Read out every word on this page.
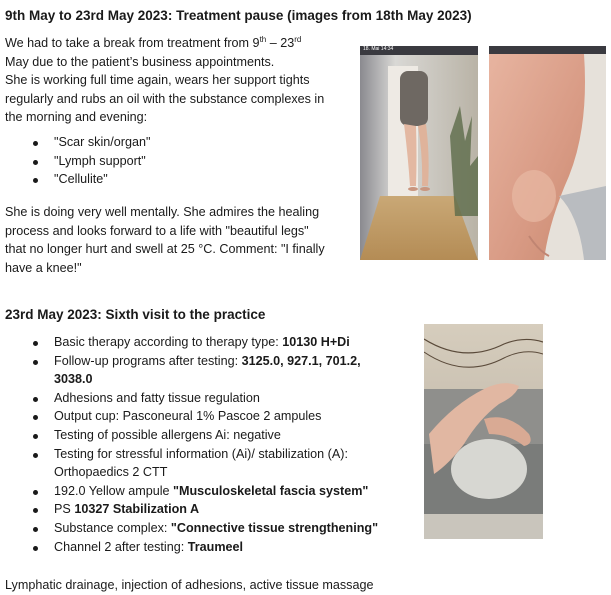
9th May to 23rd May 2023: Treatment pause (images from 18th May 2023)
We had to take a break from treatment from 9th – 23rd
May due to the patient’s business appointments.
She is working full time again, wears her support tights
regularly and rubs an oil with the substance complexes in
the morning and evening:
"Scar skin/organ"
"Lymph support"
"Cellulite"
She is doing very well mentally. She admires the healing
process and looks forward to a life with "beautiful legs"
that no longer hurt and swell at 25 °C. Comment: "I finally
have a knee!"
18. Mai 14:34
23rd May 2023: Sixth visit to the practice
Basic therapy according to therapy type: 10130 H+Di
Follow-up programs after testing: 3125.0, 927.1, 701.2,
3038.0
Adhesions and fatty tissue regulation
Output cup: Pasconeural 1% Pascoe 2 ampules
Testing of possible allergens Ai: negative
Testing for stressful information (Ai)/ stabilization (A):
Orthopaedics 2 CTT
192.0 Yellow ampule "Musculoskeletal fascia system"
PS 10327 Stabilization A
Substance complex: "Connective tissue strengthening"
Channel 2 after testing: Traumeel
Lymphatic drainage, injection of adhesions, active tissue massage
